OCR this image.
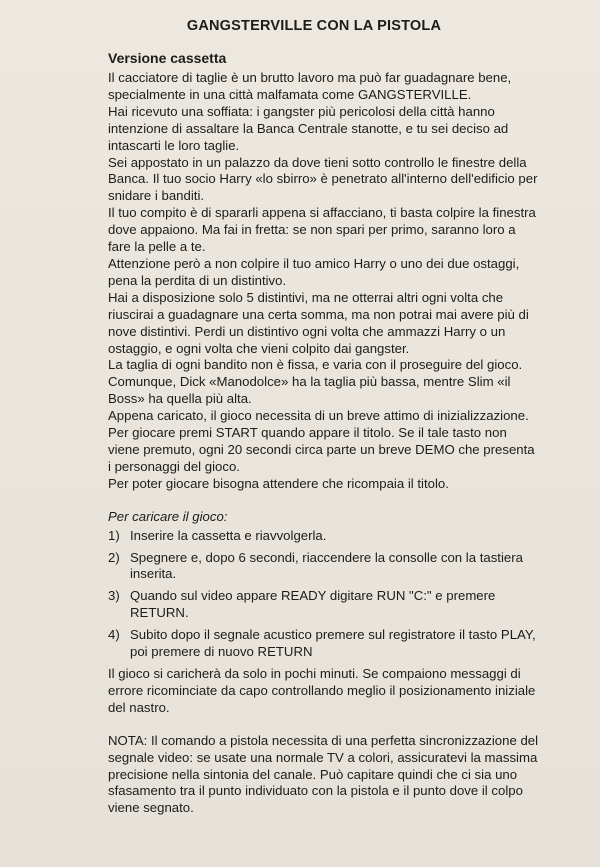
GANGSTERVILLE CON LA PISTOLA
Versione cassetta

Il cacciatore di taglie è un brutto lavoro ma può far guadagnare bene, specialmente in una città malfamata come GANGSTERVILLE.

Hai ricevuto una soffiata: i gangster più pericolosi della città hanno intenzione di assaltare la Banca Centrale stanotte, e tu sei deciso ad intascarti le loro taglie.

Sei appostato in un palazzo da dove tieni sotto controllo le finestre della Banca. Il tuo socio Harry «lo sbirro» è penetrato all'interno dell'edificio per snidare i banditi.

Il tuo compito è di spararli appena si affacciano, ti basta colpire la finestra dove appaiono. Ma fai in fretta: se non spari per primo, saranno loro a fare la pelle a te.

Attenzione però a non colpire il tuo amico Harry o uno dei due ostaggi, pena la perdita di un distintivo.

Hai a disposizione solo 5 distintivi, ma ne otterrai altri ogni volta che riuscirai a guadagnare una certa somma, ma non potrai mai avere più di nove distintivi. Perdi un distintivo ogni volta che ammazzi Harry o un ostaggio, e ogni volta che vieni colpito dai gangster.

La taglia di ogni bandito non è fissa, e varia con il proseguire del gioco.

Comunque, Dick «Manodolce» ha la taglia più bassa, mentre Slim «il Boss» ha quella più alta.

Appena caricato, il gioco necessita di un breve attimo di inizializzazione. Per giocare premi START quando appare il titolo. Se il tale tasto non viene premuto, ogni 20 secondi circa parte un breve DEMO che presenta i personaggi del gioco.

Per poter giocare bisogna attendere che ricompaia il titolo.

Per caricare il gioco:

1) Inserire la cassetta e riavvolgerla.
2) Spegnere e, dopo 6 secondi, riaccendere la consolle con la tastiera inserita.
3) Quando sul video appare READY digitare RUN "C:" e premere RETURN.
4) Subito dopo il segnale acustico premere sul registratore il tasto PLAY, poi premere di nuovo RETURN

Il gioco si caricherà da solo in pochi minuti. Se compaiono messaggi di errore ricominciate da capo controllando meglio il posizionamento iniziale del nastro.

NOTA: Il comando a pistola necessita di una perfetta sincronizzazione del segnale video: se usate una normale TV a colori, assicuratevi la massima precisione nella sintonia del canale. Può capitare quindi che ci sia uno sfasamento tra il punto individuato con la pistola e il punto dove il colpo viene segnato.
